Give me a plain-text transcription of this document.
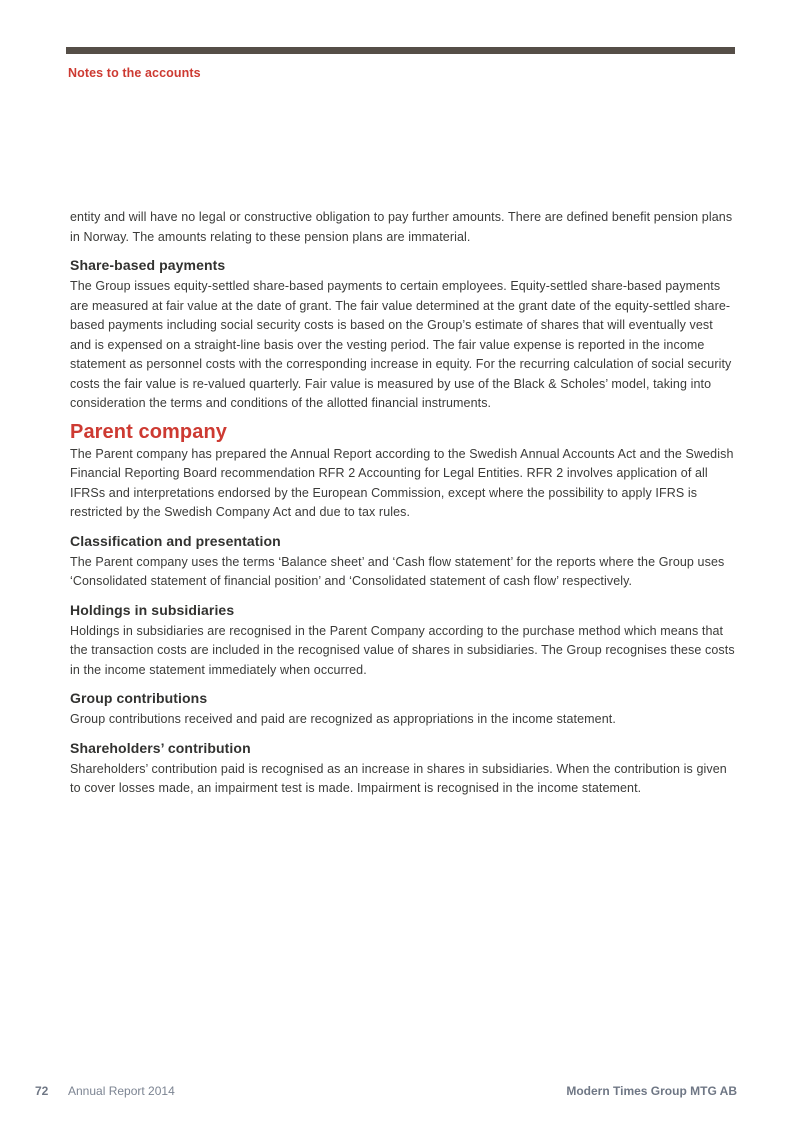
Notes to the accounts

entity and will have no legal or constructive obligation to pay further amounts. There are defined benefit pension plans in Norway. The amounts relating to these pension plans are immaterial.

Share-based payments

The Group issues equity-settled share-based payments to certain employees. Equity-settled share-based payments are measured at fair value at the date of grant. The fair value determined at the grant date of the equity-settled share-based payments including social security costs is based on the Group’s estimate of shares that will eventually vest and is expensed on a straight-line basis over the vesting period. The fair value expense is reported in the income statement as personnel costs with the corresponding increase in equity. For the recurring calculation of social security costs the fair value is re-valued quarterly. Fair value is measured by use of the Black & Scholes’ model, taking into consideration the terms and conditions of the allotted financial instruments.

Parent company

The Parent company has prepared the Annual Report according to the Swedish Annual Accounts Act and the Swedish Financial Reporting Board recommendation RFR 2 Accounting for Legal Entities. RFR 2 involves application of all IFRSs and interpretations endorsed by the European Commission, except where the possibility to apply IFRS is restricted by the Swedish Company Act and due to tax rules.

Classification and presentation

The Parent company uses the terms ‘Balance sheet’ and ‘Cash flow statement’ for the reports where the Group uses ‘Consolidated statement of financial position’ and ‘Consolidated statement of cash flow’ respectively.

Holdings in subsidiaries

Holdings in subsidiaries are recognised in the Parent Company according to the purchase method which means that the transaction costs are included in the recognised value of shares in subsidiaries. The Group recognises these costs in the income statement immediately when occurred.

Group contributions

Group contributions received and paid are recognized as appropriations in the income statement.

Shareholders’ contribution

Shareholders’ contribution paid is recognised as an increase in shares in subsidiaries. When the contribution is given to cover losses made, an impairment test is made. Impairment is recognised in the income statement.

72 Annual Report 2014	Modern Times Group MTG AB
